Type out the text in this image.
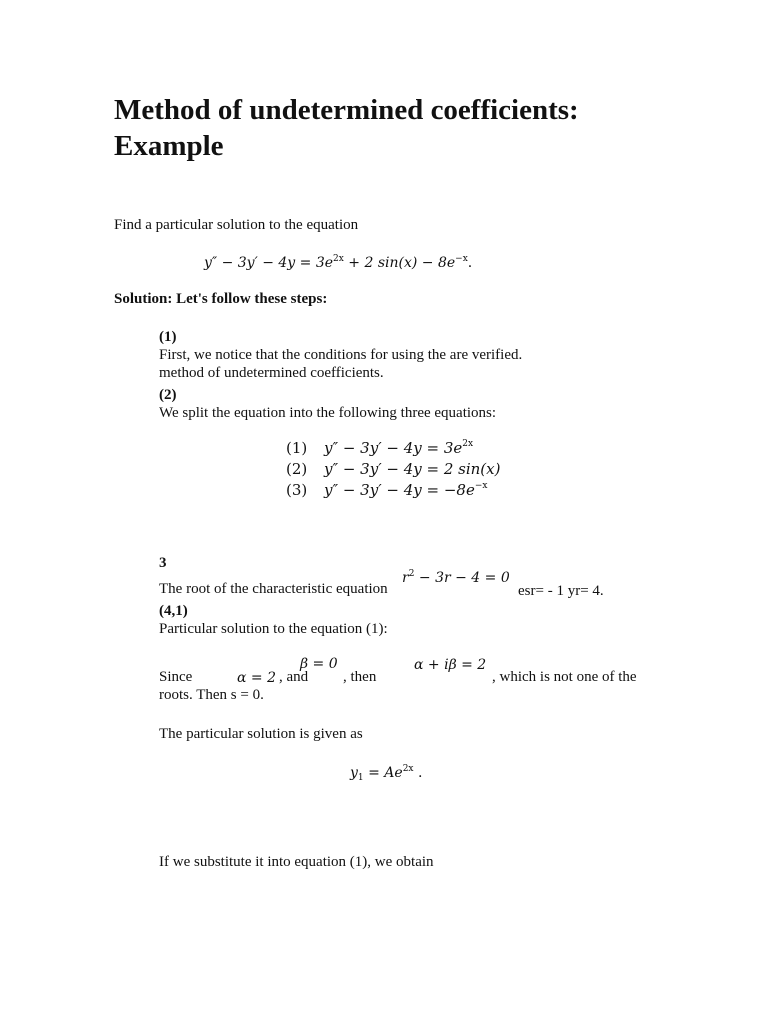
Method of undetermined coefficients:
Example
Find a particular solution to the equation
$y'' - 3y' - 4y = 3e^{2x} + 2$ $\sin(x) - 8e^{-x}$.
Solution: Let's follow these steps:
(1)
First, we notice that the conditions for using the are verified.
method of undetermined coefficients.
(2)
We split the equation into the following three equations:
(1)	$y'' - 3y' - 4y = 3e^{2x}$
(2)	y″ − 3y′ − 4y = 2 sin(x)
(3)	$y'' - 3y' - 4y = -8e^{-x}$
3
The root of the characteristic equation
$r^2 - 3r - 4 = 0$
esr= - 1 yr= 4.
(4,1)
Particular solution to the equation (1):
Since	α = 2 , and
β = 0
, then
α + iβ = 2
, which is not one of the
roots. Then s = 0.
The particular solution is given as
$y_1 = Ae^{2x}$ .
If we substitute it into equation (1), we obtain
